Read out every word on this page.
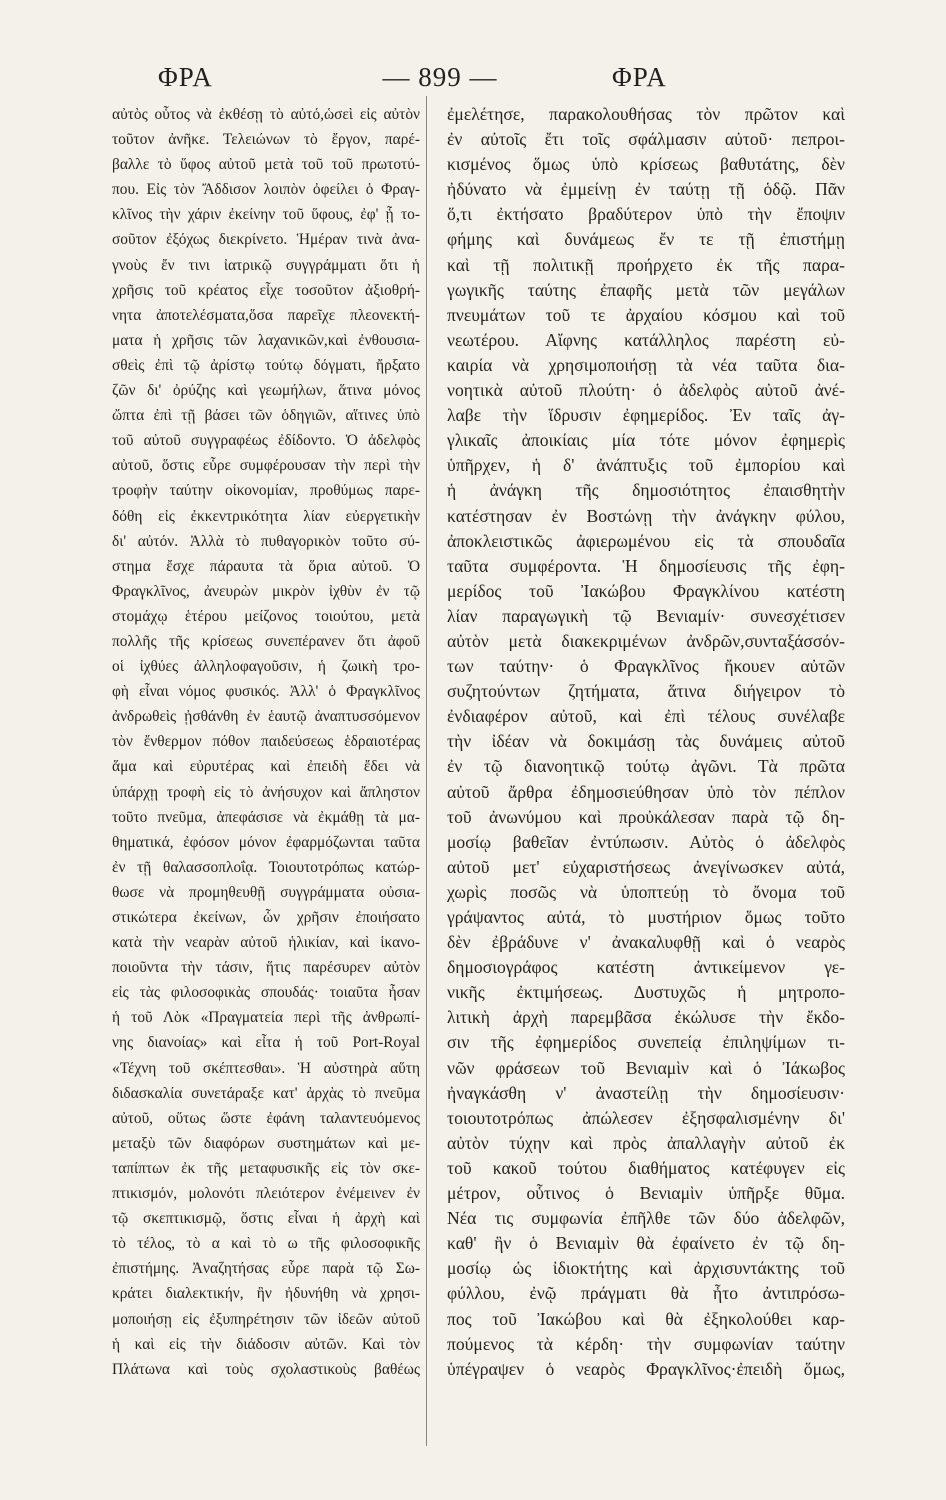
ΦΡΑ	— 899 —	ΦΡΑ
αὐτὸς οὗτος νὰ ἐκθέσῃ τὸ αὐτό,ὡσεὶ εἰς αὐτὸν
τοῦτον ἀνῆκε. Τελειώνων τὸ ἔργον, παρέ-
βαλλε τὸ ὕφος αὐτοῦ μετὰ τοῦ τοῦ πρωτοτύ-
που. Εἰς τὸν Ἄδδισον λοιπὸν ὀφείλει ὁ Φραγ-
κλῖνος τὴν χάριν ἐκείνην τοῦ ὕφους, ἐφ' ᾗ το-
σοῦτον ἐξόχως διεκρίνετο. Ἡμέραν τινὰ ἀνα-
γνοὺς ἔν τινι ἰατρικῷ συγγράμματι ὅτι ἡ
χρῆσις τοῦ κρέατος εἶχε τοσοῦτον ἀξιοθρή-
νητα ἀποτελέσματα,ὅσα παρεῖχε πλεονεκτή-
ματα ἡ χρῆσις τῶν λαχανικῶν,καὶ ἐνθουσια-
σθεὶς ἐπὶ τῷ ἀρίστῳ τούτῳ δόγματι, ἤρξατο
ζῶν δι' ὀρύζης καὶ γεωμήλων, ἅτινα μόνος
ὤπτα ἐπὶ τῇ βάσει τῶν ὁδηγιῶν, αἵτινες ὑπὸ
τοῦ αὐτοῦ συγγραφέως ἐδίδοντο. Ὁ ἀδελφὸς
αὐτοῦ, ὅστις εὗρε συμφέρουσαν τὴν περὶ τὴν
τροφὴν ταύτην οἰκονομίαν, προθύμως παρε-
δόθη εἰς ἐκκεντρικότητα λίαν εὐεργετικὴν
δι' αὐτόν. Ἀλλὰ τὸ πυθαγορικὸν τοῦτο σύ-
στημα ἔσχε πάραυτα τὰ ὅρια αὐτοῦ. Ὁ
Φραγκλῖνος, ἀνευρὼν μικρὸν ἰχθὺν ἐν τῷ
στομάχῳ ἑτέρου μείζονος τοιούτου, μετὰ
πολλῆς τῆς κρίσεως συνεπέρανεν ὅτι ἀφοῦ
οἱ ἰχθύες ἀλληλοφαγοῦσιν, ἡ ζωικὴ τρο-
φὴ εἶναι νόμος φυσικός. Ἀλλ' ὁ Φραγκλῖνος
ἀνδρωθεὶς ᾐσθάνθη ἐν ἑαυτῷ ἀναπτυσσόμενον
τὸν ἔνθερμον πόθον παιδεύσεως ἑδραιοτέρας
ἅμα καὶ εὐρυτέρας καὶ ἐπειδὴ ἔδει νὰ
ὑπάρχῃ τροφὴ εἰς τὸ ἀνήσυχον καὶ ἄπληστον
τοῦτο πνεῦμα, ἀπεφάσισε νὰ ἐκμάθῃ τὰ μα-
θηματικά, ἐφόσον μόνον ἐφαρμόζωνται ταῦτα
ἐν τῇ θαλασσοπλοΐᾳ. Τοιουτοτρόπως κατώρ-
θωσε νὰ προμηθευθῇ συγγράμματα οὐσια-
στικώτερα ἐκείνων, ὧν χρῆσιν ἐποιήσατο
κατὰ τὴν νεαρὰν αὐτοῦ ἡλικίαν, καὶ ἱκανο-
ποιοῦντα τὴν τάσιν, ἥτις παρέσυρεν αὐτὸν
εἰς τὰς φιλοσοφικὰς σπουδάς· τοιαῦτα ἦσαν
ἡ τοῦ Λὸκ «Πραγματεία περὶ τῆς ἀνθρωπί-
νης διανοίας» καὶ εἶτα ἡ τοῦ Port-Royal
«Τέχνη τοῦ σκέπτεσθαι». Ἡ αὐστηρὰ αὕτη
διδασκαλία συνετάραξε κατ' ἀρχὰς τὸ πνεῦμα
αὐτοῦ, οὕτως ὥστε ἐφάνη ταλαντευόμενος
μεταξὺ τῶν διαφόρων συστημάτων καὶ με-
ταπίπτων ἐκ τῆς μεταφυσικῆς εἰς τὸν σκε-
πτικισμόν, μολονότι πλειότερον ἐνέμεινεν ἐν
τῷ σκεπτικισμῷ, ὅστις εἶναι ἡ ἀρχὴ καὶ
τὸ τέλος, τὸ α καὶ τὸ ω τῆς φιλοσοφικῆς
ἐπιστήμης. Ἀναζητήσας εὗρε παρὰ τῷ Σω-
κράτει διαλεκτικήν, ἣν ἠδυνήθη νὰ χρησι-
μοποιήσῃ εἰς ἐξυπηρέτησιν τῶν ἰδεῶν αὐτοῦ
ἡ καὶ εἰς τὴν διάδοσιν αὐτῶν. Καὶ τὸν
Πλάτωνα καὶ τοὺς σχολαστικοὺς βαθέως
ἐμελέτησε, παρακολουθήσας τὸν πρῶτον καὶ
ἐν αὐτοῖς ἔτι τοῖς σφάλμασιν αὐτοῦ· πεπροι-
κισμένος ὅμως ὑπὸ κρίσεως βαθυτάτης, δὲν
ἠδύνατο νὰ ἐμμείνῃ ἐν ταύτῃ τῇ ὁδῷ. Πᾶν
ὅ,τι ἐκτήσατο βραδύτερον ὑπὸ τὴν ἔποψιν
φήμης καὶ δυνάμεως ἔν τε τῇ ἐπιστήμῃ
καὶ τῇ πολιτικῇ προήρχετο ἐκ τῆς παρα-
γωγικῆς ταύτης ἐπαφῆς μετὰ τῶν μεγάλων
πνευμάτων τοῦ τε ἀρχαίου κόσμου καὶ τοῦ
νεωτέρου. Αἴφνης κατάλληλος παρέστη εὐ-
καιρία νὰ χρησιμοποιήσῃ τὰ νέα ταῦτα δια-
νοητικὰ αὐτοῦ πλούτη· ὁ ἀδελφὸς αὐτοῦ ἀνέ-
λαβε τὴν ἵδρυσιν ἐφημερίδος. Ἐν ταῖς ἀγ-
γλικαῖς ἀποικίαις μία τότε μόνον ἐφημερὶς
ὑπῆρχεν, ἡ δ' ἀνάπτυξις τοῦ ἐμπορίου καὶ
ἡ ἀνάγκη τῆς δημοσιότητος ἐπαισθητὴν
κατέστησαν ἐν Βοστώνῃ τὴν ἀνάγκην φύλου,
ἀποκλειστικῶς ἀφιερωμένου εἰς τὰ σπουδαῖα
ταῦτα συμφέροντα. Ἡ δημοσίευσις τῆς ἐφη-
μερίδος τοῦ Ἰακώβου Φραγκλίνου κατέστη
λίαν παραγωγικὴ τῷ Βενιαμίν· συνεσχέτισεν
αὐτὸν μετὰ διακεκριμένων ἀνδρῶν,συνταξάσσόν-
των ταύτην· ὁ Φραγκλῖνος ἤκουεν αὐτῶν
συζητούντων ζητήματα, ἅτινα διήγειρον τὸ
ἐνδιαφέρον αὐτοῦ, καὶ ἐπὶ τέλους συνέλαβε
τὴν ἰδέαν νὰ δοκιμάσῃ τὰς δυνάμεις αὐτοῦ
ἐν τῷ διανοητικῷ τούτῳ ἀγῶνι. Τὰ πρῶτα
αὐτοῦ ἄρθρα ἐδημοσιεύθησαν ὑπὸ τὸν πέπλον
τοῦ ἀνωνύμου καὶ προὐκάλεσαν παρὰ τῷ δη-
μοσίῳ βαθεῖαν ἐντύπωσιν. Αὐτὸς ὁ ἀδελφὸς
αὐτοῦ μετ' εὐχαριστήσεως ἀνεγίνωσκεν αὐτά,
χωρὶς ποσῶς νὰ ὑποπτεύῃ τὸ ὄνομα τοῦ
γράψαντος αὐτά, τὸ μυστήριον ὅμως τοῦτο
δὲν ἐβράδυνε ν' ἀνακαλυφθῇ καὶ ὁ νεαρὸς
δημοσιογράφος κατέστη ἀντικείμενον γε-
νικῆς ἐκτιμήσεως. Δυστυχῶς ἡ μητροπο-
λιτικὴ ἀρχὴ παρεμβᾶσα ἐκώλυσε τὴν ἔκδο-
σιν τῆς ἐφημερίδος συνεπείᾳ ἐπιληψίμων τι-
νῶν φράσεων τοῦ Βενιαμὶν καὶ ὁ Ἰάκωβος
ἠναγκάσθη ν' ἀναστείλῃ τὴν δημοσίευσιν·
τοιουτοτρόπως ἀπώλεσεν ἐξησφαλισμένην δι'
αὐτὸν τύχην καὶ πρὸς ἀπαλλαγὴν αὐτοῦ ἐκ
τοῦ κακοῦ τούτου διαθήματος κατέφυγεν εἰς
μέτρον, οὗτινος ὁ Βενιαμὶν ὑπῆρξε θῦμα.
Νέα τις συμφωνία ἐπῆλθε τῶν δύο ἀδελφῶν,
καθ' ἣν ὁ Βενιαμὶν θὰ ἐφαίνετο ἐν τῷ δη-
μοσίῳ ὡς ἰδιοκτήτης καὶ ἀρχισυντάκτης τοῦ
φύλλου, ἐνῷ πράγματι θὰ ἦτο ἀντιπρόσω-
πος τοῦ Ἰακώβου καὶ θὰ ἐξηκολούθει καρ-
πούμενος τὰ κέρδη· τὴν συμφωνίαν ταύτην
ὑπέγραψεν ὁ νεαρὸς Φραγκλῖνος·ἐπειδὴ ὅμως,
